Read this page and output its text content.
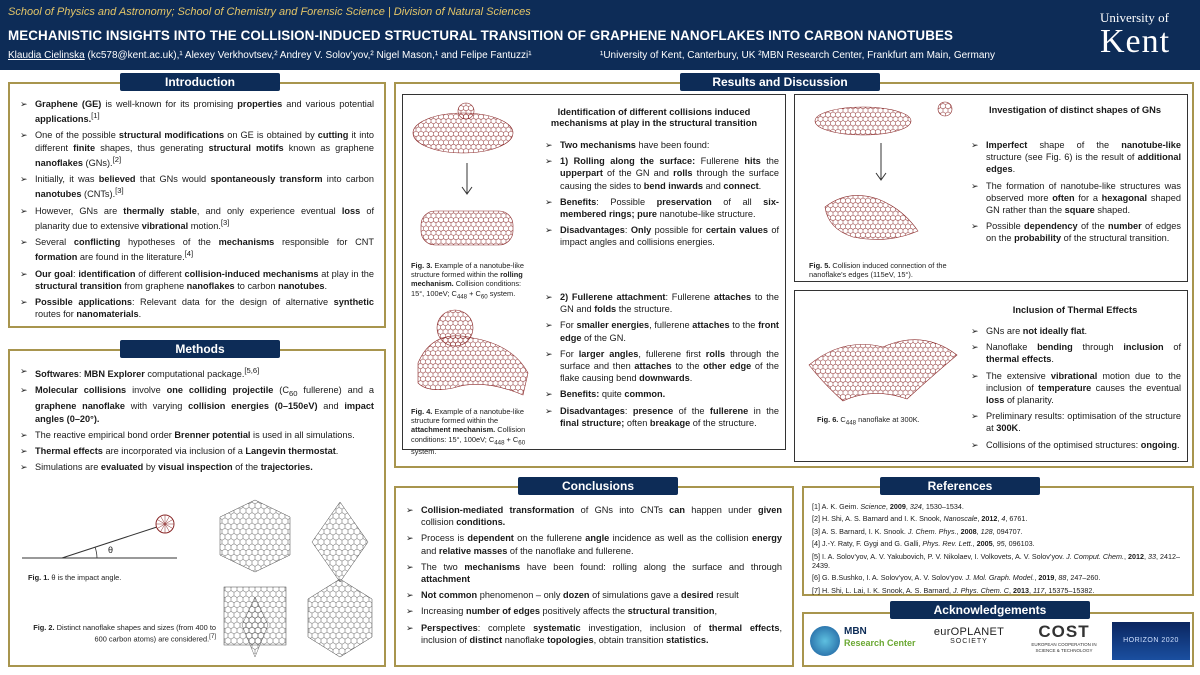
School of Physics and Astronomy; School of Chemistry and Forensic Science | Division of Natural Sciences
MECHANISTIC INSIGHTS INTO THE COLLISION-INDUCED STRUCTURAL TRANSITION OF GRAPHENE NANOFLAKES INTO CARBON NANOTUBES
Klaudia Cielinska (kc578@kent.ac.uk),¹ Alexey Verkhovtsev,² Andrey V. Solov’yov,² Nigel Mason,¹ and Felipe Fantuzzi¹	¹University of Kent, Canterbury, UK ²MBN Research Center, Frankfurt am Main, Germany
University of
Kent
Introduction
➢ Graphene (GE) is well-known for its promising properties and various potential applications.[1]
➢ One of the possible structural modifications on GE is obtained by cutting it into different finite shapes, thus generating structural motifs known as graphene nanoflakes (GNs).[2]
➢ Initially, it was believed that GNs would spontaneously transform into carbon nanotubes (CNTs).[3]
➢ However, GNs are thermally stable, and only experience eventual loss of planarity due to extensive vibrational motion.[3]
➢ Several conflicting hypotheses of the mechanisms responsible for CNT formation are found in the literature.[4]
➢ Our goal: identification of different collision-induced mechanisms at play in the structural transition from graphene nanoflakes to carbon nanotubes.
➢ Possible applications: Relevant data for the design of alternative synthetic routes for nanomaterials.
Methods
➢ Softwares: MBN Explorer computational package.[5,6]
➢ Molecular collisions involve one colliding projectile ($C_{60}$ fullerene) and a graphene nanoflake with varying collision energies (0–150eV) and impact angles (0–20°).
➢ The reactive empirical bond order Brenner potential is used in all simulations.
➢ Thermal effects are incorporated via inclusion of a Langevin thermostat.
➢ Simulations are evaluated by visual inspection of the trajectories.
θ
Fig. 1. θ is the impact angle.
Fig. 2. Distinct nanoflake shapes and sizes (from 400 to 600 carbon atoms) are considered.[7]
Results and Discussion
Identification of different collisions induced mechanisms at play in the structural transition
Fig. 3. Example of a nanotube-like structure formed within the rolling mechanism. Collision conditions: 15°, 100eV; $C_{448} + C_{60}$ system.
Fig. 4. Example of a nanotube-like structure formed within the attachment mechanism. Collision conditions: 15°, 100eV; $C_{448} + C_{60}$ system.
➢ Two mechanisms have been found:
➢ 1) Rolling along the surface: Fullerene hits the upperpart of the GN and rolls through the surface causing the sides to bend inwards and connect.
➢ Benefits: Possible preservation of all six-membered rings; pure nanotube-like structure.
➢ Disadvantages: Only possible for certain values of impact angles and collisions energies.
➢ 2) Fullerene attachment: Fullerene attaches to the GN and folds the structure.
➢ For smaller energies, fullerene attaches to the front edge of the GN.
➢ For larger angles, fullerene first rolls through the surface and then attaches to the other edge of the flake causing bend downwards.
➢ Benefits: quite common.
➢ Disadvantages: presence of the fullerene in the final structure; often breakage of the structure.
Fig. 5. Collision induced connection of the nanoflake’s edges (115eV, 15°).
Investigation of distinct shapes of GNs
➢ Imperfect shape of the nanotube-like structure (see Fig. 6) is the result of additional edges.
➢ The formation of nanotube-like structures was observed more often for a hexagonal shaped GN rather than the square shaped.
➢ Possible dependency of the number of edges on the probability of the structural transition.
Inclusion of Thermal Effects
Fig. 6. $C_{448}$ nanoflake at 300K.
➢ GNs are not ideally flat.
➢ Nanoflake bending through inclusion of thermal effects.
➢ The extensive vibrational motion due to the inclusion of temperature causes the eventual loss of planarity.
➢ Preliminary results: optimisation of the structure at 300K.
➢ Collisions of the optimised structures: ongoing.
Conclusions
➢ Collision-mediated transformation of GNs into CNTs can happen under given collision conditions.
➢ Process is dependent on the fullerene angle incidence as well as the collision energy and relative masses of the nanoflake and fullerene.
➢ The two mechanisms have been found: rolling along the surface and through attachment
➢ Not common phenomenon – only dozen of simulations gave a desired result
➢ Increasing number of edges positively affects the structural transition,
➢ Perspectives: complete systematic investigation, inclusion of thermal effects, inclusion of distinct nanoflake topologies, obtain transition statistics.
References
[1] A. K. Geim. Science, 2009, 324, 1530–1534.
[2] H. Shi, A. S. Barnard and I. K. Snook, Nanoscale, 2012, 4, 6761.
[3] A. S. Barnard, I. K. Snook. J. Chem. Phys., 2008, 128, 094707.
[4] J.-Y. Raty, F. Gygi and G. Galli, Phys. Rev. Lett., 2005, 95, 096103.
[5] I. A. Solov’yov, A. V. Yakubovich, P. V. Nikolaev, I. Volkovets, A. V. Solov’yov. J. Comput. Chem., 2012, 33, 2412–2439.
[6] G. B.Sushko, I. A. Solov’yov, A. V. Solov’yov. J. Mol. Graph. Model., 2019, 88, 247–260.
[7] H. Shi, L. Lai, I. K. Snook, A. S. Barnard, J. Phys. Chem. C, 2013, 117, 15375–15382.
Acknowledgements
MBN
Research Center
eurOPLANET
SOCIETY
COST
EUROPEAN COOPERATION IN SCIENCE & TECHNOLOGY
HORIZON 2020
